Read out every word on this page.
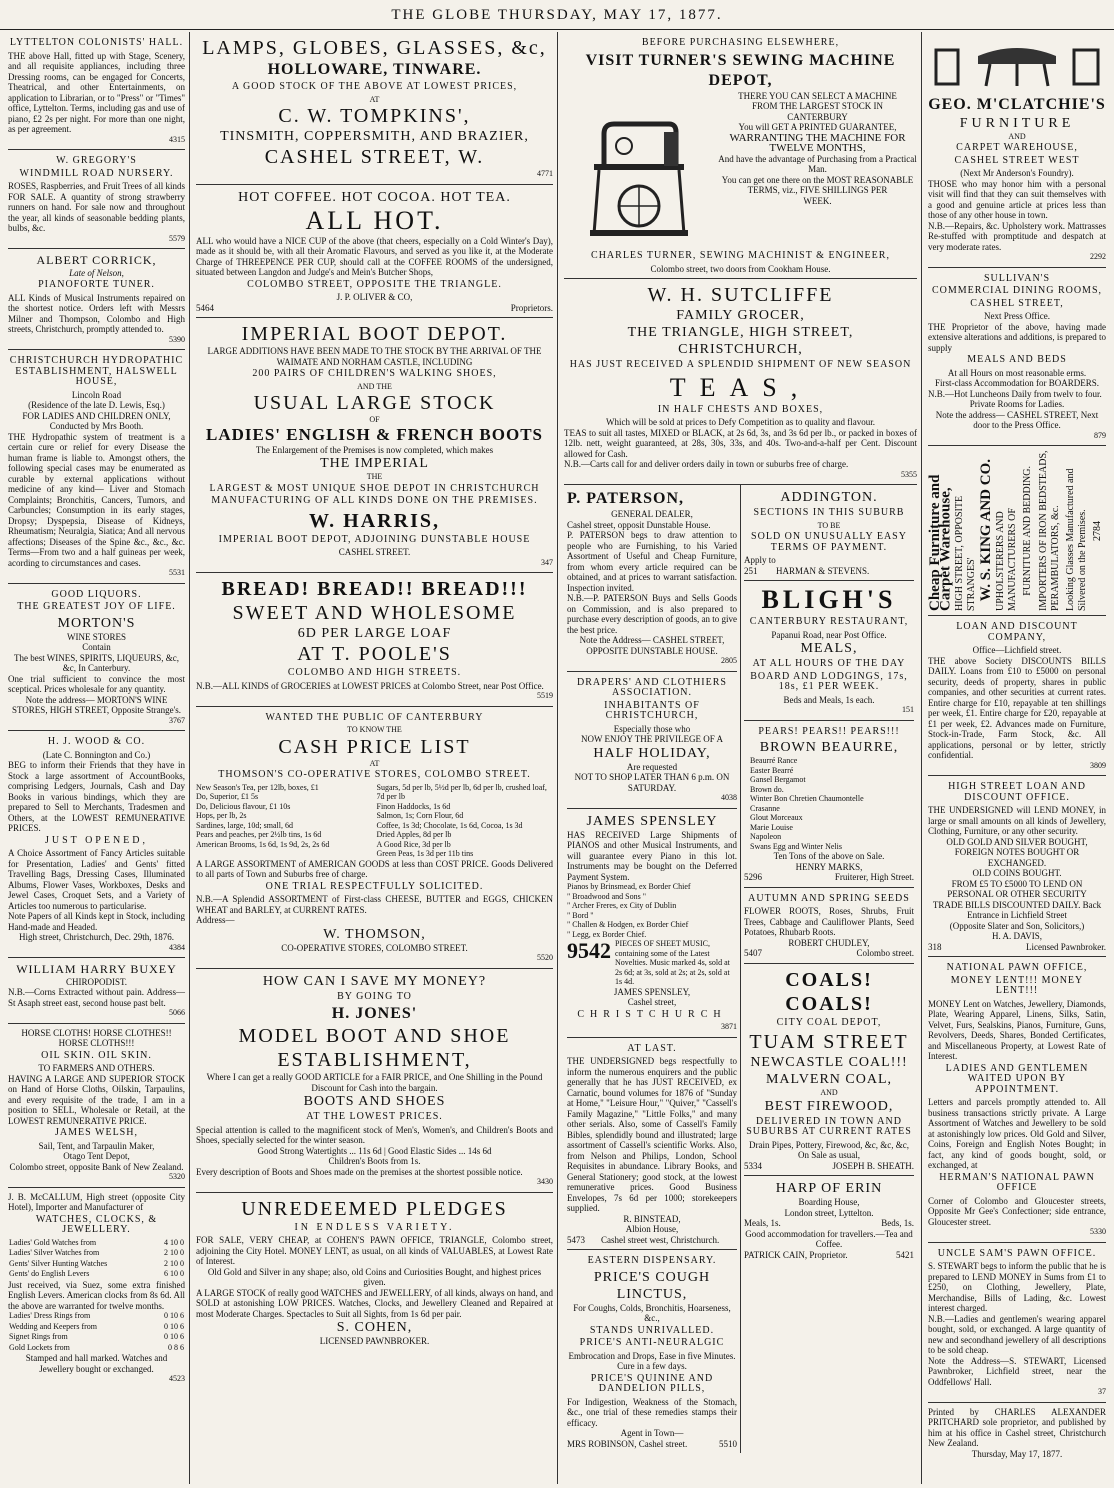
THE GLOBE THURSDAY, MAY 17, 1877.
LYTTELTON COLONISTS' HALL.
THE above Hall, fitted up with Stage, Scenery, and all requisite appliances, including three Dressing rooms, can be engaged for Concerts, Theatrical, and other Entertainments, on application to Librarian, or to "Press" or "Times" office, Lyttelton. Terms, including gas and use of piano, £2 2s per night. For more than one night, as per agreement.
4315
W. GREGORY'S
WINDMILL ROAD NURSERY.
ROSES, Raspberries, and Fruit Trees of all kinds FOR SALE. A quantity of strong strawberry runners on hand. For sale now and throughout the year, all kinds of seasonable bedding plants, bulbs, &c.
5579
ALBERT CORRICK,
Late of Nelson,
PIANOFORTE TUNER.
ALL Kinds of Musical Instruments repaired on the shortest notice. Orders left with Messrs Milner and Thompson, Colombo and High streets, Christchurch, promptly attended to.
5390
CHRISTCHURCH HYDROPATHIC ESTABLISHMENT, HALSWELL HOUSE,
Lincoln Road
(Residence of the late D. Lewis, Esq.)
FOR LADIES AND CHILDREN ONLY,
Conducted by Mrs Booth.
THE Hydropathic system of treatment is a certain cure or relief for every Disease the human frame is liable to. Amongst others, the following special cases may be enumerated as curable by external applications without medicine of any kind— Liver and Stomach Complaints; Bronchitis, Cancers, Tumors, and Carbuncles; Consumption in its early stages, Dropsy; Dyspepsia, Disease of Kidneys, Rheumatism; Neuralgia, Siatica; And all nervous affections; Diseases of the Spine &c., &c., &c. Terms—From two and a half guineas per week, acording to circumstances and cases.
5531
GOOD LIQUORS.
THE GREATEST JOY OF LIFE.
MORTON'S
WINE STORES
Contain
The best WINES, SPIRITS, LIQUEURS, &c, &c, In Canterbury.
One trial sufficient to convince the most sceptical. Prices wholesale for any quantity.
Note the address— MORTON'S WINE STORES, HIGH STREET, Opposite Strange's.
3767
H. J. WOOD & CO.
(Late C. Bonnington and Co.)
BEG to inform their Friends that they have in Stock a large assortment of AccountBooks, comprising Ledgers, Journals, Cash and Day Books in various bindings, which they are prepared to Sell to Merchants, Tradesmen and Others, at the LOWEST REMUNERATIVE PRICES.
JUST OPENED,
A Choice Assortment of Fancy Articles suitable for Presentation, Ladies' and Gents' fitted Travelling Bags, Dressing Cases, Illuminated Albums, Flower Vases, Workboxes, Desks and Jewel Cases, Croquet Sets, and a Variety of Articles too numerous to particularise.
Note Papers of all Kinds kept in Stock, including Hand-made and Headed.
High street, Christchurch, Dec. 29th, 1876.
4384
WILLIAM HARRY BUXEY
CHIROPODIST.
N.B.—Corns Extracted without pain. Address—St Asaph street east, second house past belt.
5066
HORSE CLOTHS! HORSE CLOTHES!! HORSE CLOTHS!!!
OIL SKIN. OIL SKIN.
TO FARMERS AND OTHERS.
HAVING A LARGE AND SUPERIOR STOCK on Hand of Horse Cloths, Oilskin, Tarpaulins, and every requisite of the trade, I am in a position to SELL, Wholesale or Retail, at the LOWEST REMUNERATIVE PRICE.
JAMES WELSH,
Sail, Tent, and Tarpaulin Maker,
Otago Tent Depot,
Colombo street, opposite Bank of New Zealand.
5320
J. B. McCALLUM, High street (opposite City Hotel), Importer and Manufacturer of
WATCHES, CLOCKS, & JEWELLERY.
Ladies' Gold Watches from	4 10 0
Ladies' Silver Watches from	2 10 0
Gents' Silver Hunting Watches	2 10 0
Gents' do English Levers	6 10 0
Just received, via Suez, some extra finished English Levers. American clocks from 8s 6d. All the above are warranted for twelve months.
Ladies' Dress Rings from	0 10 6
Wedding and Keepers from	0 10 6
Signet Rings from	0 10 6
Gold Lockets from	0 8 6
Stamped and hall marked. Watches and Jewellery bought or exchanged.
4523
LAMPS, GLOBES, GLASSES, &c,
HOLLOWARE, TINWARE.
A GOOD STOCK OF THE ABOVE AT LOWEST PRICES,
AT
C. W. TOMPKINS',
TINSMITH, COPPERSMITH, AND BRAZIER,
CASHEL STREET, W.
4771
HOT COFFEE. HOT COCOA. HOT TEA.
ALL HOT.
ALL who would have a NICE CUP of the above (that cheers, especially on a Cold Winter's Day), made as it should be, with all their Aromatic Flavours, and served as you like it, at the Moderate Charge of THREEPENCE PER CUP, should call at the COFFEE ROOMS of the undersigned, situated between Langdon and Judge's and Mein's Butcher Shops,
COLOMBO STREET, OPPOSITE THE TRIANGLE.
J. P. OLIVER & CO,
5464	Proprietors.
IMPERIAL BOOT DEPOT.
LARGE ADDITIONS HAVE BEEN MADE TO THE STOCK BY THE ARRIVAL OF THE WAIMATE AND NORHAM CASTLE, INCLUDING
200 PAIRS OF CHILDREN'S WALKING SHOES,
AND THE
USUAL LARGE STOCK
OF
LADIES' ENGLISH & FRENCH BOOTS
The Enlargement of the Premises is now completed, which makes
THE IMPERIAL
THE
LARGEST & MOST UNIQUE SHOE DEPOT IN CHRISTCHURCH
MANUFACTURING OF ALL KINDS DONE ON THE PREMISES.
W. HARRIS,
IMPERIAL BOOT DEPOT, ADJOINING DUNSTABLE HOUSE
CASHEL STREET.
347
BREAD! BREAD!! BREAD!!!
SWEET AND WHOLESOME
6D PER LARGE LOAF
AT T. POOLE'S
COLOMBO AND HIGH STREETS.
N.B.—ALL KINDS of GROCERIES at LOWEST PRICES at Colombo Street, near Post Office.
5519
WANTED THE PUBLIC OF CANTERBURY
TO KNOW THE
CASH PRICE LIST
AT
THOMSON'S CO-OPERATIVE STORES, COLOMBO STREET.
New Season's Tea, per 12lb, boxes, £1
Do, Superior, £1 5s
Do, Delicious flavour, £1 10s
Hops, per lb, 2s
Sardines, large, 10d; small, 6d
Pears and peaches, per 2½lb tins, 1s 6d
American Brooms, 1s 6d, 1s 9d, 2s, 2s 6d
Sugars, 5d per lb, 5½d per lb, 6d per lb, crushed loaf, 7d per lb
Finon Haddocks, 1s 6d
Salmon, 1s; Corn Flour, 6d
Coffee, 1s 3d; Chocolate, 1s 6d, Cocoa, 1s 3d
Dried Apples, 8d per lb
A Good Rice, 3d per lb
Green Peas, 1s 3d per 11b tins
A LARGE ASSORTMENT of AMERICAN GOODS at less than COST PRICE. Goods Delivered to all parts of Town and Suburbs free of charge.
ONE TRIAL RESPECTFULLY SOLICITED.
N.B.—A Splendid ASSORTMENT of First-class CHEESE, BUTTER and EGGS, CHICKEN WHEAT and BARLEY, at CURRENT RATES.
Address—
W. THOMSON,
CO-OPERATIVE STORES, COLOMBO STREET.
5520
HOW CAN I SAVE MY MONEY?
BY GOING TO
H. JONES'
MODEL BOOT AND SHOE ESTABLISHMENT,
Where I can get a really GOOD ARTICLE for a FAIR PRICE, and One Shilling in the Pound Discount for Cash into the bargain.
BOOTS AND SHOES
AT THE LOWEST PRICES.
Special attention is called to the magnificent stock of Men's, Women's, and Children's Boots and Shoes, specially selected for the winter season.
Good Strong Watertights ... 11s 6d | Good Elastic Sides ... 14s 6d
Children's Boots from 1s.
Every description of Boots and Shoes made on the premises at the shortest possible notice.
3430
UNREDEEMED PLEDGES
IN ENDLESS VARIETY.
FOR SALE, VERY CHEAP, at COHEN'S PAWN OFFICE, TRIANGLE, Colombo street, adjoining the City Hotel. MONEY LENT, as usual, on all kinds of VALUABLES, at Lowest Rate of Interest.
Old Gold and Silver in any shape; also, old Coins and Curiosities Bought, and highest prices given.
A LARGE STOCK of really good WATCHES and JEWELLERY, of all kinds, always on hand, and SOLD at astonishing LOW PRICES. Watches, Clocks, and Jewellery Cleaned and Repaired at most Moderate Charges. Spectacles to Suit all Sights, from 1s 6d per pair.
S. COHEN,
LICENSED PAWNBROKER.
BEFORE PURCHASING ELSEWHERE,
VISIT TURNER'S SEWING MACHINE DEPOT,
THERE YOU CAN SELECT A MACHINE
FROM THE LARGEST STOCK IN
CANTERBURY
You will GET A PRINTED GUARANTEE,
WARRANTING THE MACHINE FOR
TWELVE MONTHS,
And have the advantage of Purchasing from a Practical Man.
You can get one there on the MOST REASONABLE
TERMS, viz., FIVE SHILLINGS PER
WEEK.
CHARLES TURNER, SEWING MACHINIST & ENGINEER,
Colombo street, two doors from Cookham House.
W. H. SUTCLIFFE
FAMILY GROCER,
THE TRIANGLE, HIGH STREET, CHRISTCHURCH,
HAS JUST RECEIVED A SPLENDID SHIPMENT OF NEW SEASON
TEAS,
IN HALF CHESTS AND BOXES,
Which will be sold at prices to Defy Competition as to quality and flavour.
TEAS to suit all tastes, MIXED or BLACK, at 2s 6d, 3s, and 3s 6d per lb., or packed in boxes of 12lb. nett, weight guaranteed, at 28s, 30s, 33s, and 40s. Two-and-a-half per Cent. Discount allowed for Cash.
N.B.—Carts call for and deliver orders daily in town or suburbs free of charge.
5355
P. PATERSON,
GENERAL DEALER,
Cashel street, opposit Dunstable House.
P. PATERSON begs to draw attention to people who are Furnishing, to his Varied Assortment of Useful and Cheap Furniture, from whom every article required can be obtained, and at prices to warrant satisfaction. Inspection invited.
N.B.—P. PATERSON Buys and Sells Goods on Commission, and is also prepared to purchase every description of goods, an to give the best price.
Note the Address— CASHEL STREET, OPPOSITE DUNSTABLE HOUSE.
2805
DRAPERS' AND CLOTHIERS ASSOCIATION.
INHABITANTS OF CHRISTCHURCH,
Especially those who
NOW ENJOY THE PRIVILEGE OF A
HALF HOLIDAY,
Are requested
NOT TO SHOP LATER THAN 6 p.m. ON SATURDAY.
4038
JAMES SPENSLEY
HAS RECEIVED Large Shipments of PIANOS and other Musical Instruments, and will guarantee every Piano in this lot. Instruments may be bought on the Deferred Payment System.
Pianos by Brinsmead, ex Border Chief
" Broadwood and Sons "
" Archer Freres, ex City of Dublin
" Bord "
" Challen & Hodgen, ex Border Chief
" Legg, ex Border Chief.
9542 PIECES OF SHEET MUSIC, containing some of the Latest Novelties. Music marked 4s, sold at 2s 6d; at 3s, sold at 2s; at 2s, sold at 1s 4d.
JAMES SPENSLEY,
Cashel street,
CHRISTCHURCH
3871
AT LAST.
THE UNDERSIGNED begs respectfully to inform the numerous enquirers and the public generally that he has JUST RECEIVED, ex Carnatic, bound volumes for 1876 of "Sunday at Home," "Leisure Hour," "Quiver," "Cassell's Family Magazine," "Little Folks," and many other serials. Also, some of Cassell's Family Bibles, splendidly bound and illustrated; large assortment of Cassell's scientific Works. Also, from Nelson and Philips, London, School Requisites in abundance. Library Books, and General Stationery; good stock, at the lowest remunerative prices. Good Business Envelopes, 7s 6d per 1000; storekeepers supplied.
R. BINSTEAD,
Albion House,
5473	Cashel street west, Christchurch.
EASTERN DISPENSARY.
PRICE'S COUGH LINCTUS,
For Coughs, Colds, Bronchitis, Hoarseness, &c.,
STANDS UNRIVALLED.
PRICE'S ANTI-NEURALGIC
Embrocation and Drops, Ease in five Minutes. Cure in a few days.
PRICE'S QUININE AND DANDELION PILLS,
For Indigestion, Weakness of the Stomach, &c., one trial of these remedies stamps their efficacy.
Agent in Town—
MRS ROBINSON, Cashel street.	5510
ADDINGTON.
SECTIONS IN THIS SUBURB
TO BE
SOLD ON UNUSUALLY EASY TERMS OF PAYMENT.
Apply to
251	HARMAN & STEVENS.
BLIGH'S
CANTERBURY RESTAURANT,
Papanui Road, near Post Office.
MEALS,
AT ALL HOURS OF THE DAY
BOARD AND LODGINGS, 17s, 18s, £1 PER WEEK.
Beds and Meals, 1s each.
151
PEARS! PEARS!! PEARS!!!
BROWN BEAURRE,
Beaurré Rance
Easter Bearré
Gansel Bergamot
Brown do.
Winter Bon Chretien Chaumontelle
Crasanne
Glout Morceaux
Marie Louise
Napoleon
Swans Egg and Winter Nelis
Ten Tons of the above on Sale.
HENRY MARKS,
5296	Fruiterer, High Street.
AUTUMN AND SPRING SEEDS
FLOWER ROOTS, Roses, Shrubs, Fruit Trees, Cabbage and Cauliflower Plants, Seed Potatoes, Rhubarb Roots.
ROBERT CHUDLEY,
5407	Colombo street.
COALS! COALS!
CITY COAL DEPOT,
TUAM STREET
NEWCASTLE COAL!!!
MALVERN COAL,
AND
BEST FIREWOOD,
DELIVERED IN TOWN AND SUBURBS AT CURRENT RATES
Drain Pipes, Pottery, Firewood, &c, &c, &c, On Sale as usual,
5334	JOSEPH B. SHEATH.
HARP OF ERIN
Boarding House,
London street, Lyttelton.
Meals, 1s.	Beds, 1s.
Good accommodation for travellers.—Tea and Coffee.
PATRICK CAIN, Proprietor.	5421
GEO. M'CLATCHIE'S
FURNITURE
AND
CARPET WAREHOUSE,
CASHEL STREET WEST
(Next Mr Anderson's Foundry).
THOSE who may honor him with a personal visit will find that they can suit themselves with a good and genuine article at prices less than those of any other house in town.
N.B.—Repairs, &c. Upholstery work. Mattrasses Re-stuffed with promptitude and despatch at very moderate rates.
2292
SULLIVAN'S
COMMERCIAL DINING ROOMS,
CASHEL STREET,
Next Press Office.
THE Proprietor of the above, having made extensive alterations and additions, is prepared to supply
MEALS AND BEDS
At all Hours on most reasonable erms.
First-class Accommodation for BOARDERS.
N.B.—Hot Luncheons Daily from twelv to four.
Private Rooms for Ladies.
Note the address— CASHEL STREET, Next door to the Press Office.
879
Cheap Furniture and Carpet Warehouse, HIGH STREET, OPPOSITE STRANGES' W. S. KING AND CO. UPHOLSTERERS AND MANUFACTURERS OF FURNITURE AND BEDDING. IMPORTERS OF IRON BEDSTEADS, PERAMBULATORS, &c. Looking Glasses Manufactured and Silvered on the Premises. 2784
LOAN AND DISCOUNT COMPANY,
Office—Lichfield street.
THE above Society DISCOUNTS BILLS DAILY. Loans from £10 to £5000 on personal security, deeds of property, shares in public companies, and other securities at current rates. Entire charge for £10, repayable at ten shillings per week, £1. Entire charge for £20, repayable at £1 per week, £2. Advances made on Furniture, Stock-in-Trade, Farm Stock, &c. All applications, personal or by letter, strictly confidential.
3809
HIGH STREET LOAN AND DISCOUNT OFFICE.
THE UNDERSIGNED will LEND MONEY, in large or small amounts on all kinds of Jewellery, Clothing, Furniture, or any other security.
OLD GOLD AND SILVER BOUGHT, FOREIGN NOTES BOUGHT OR EXCHANGED.
OLD COINS BOUGHT.
FROM £5 TO £5000 TO LEND ON PERSONAL OR OTHER SECURITY
TRADE BILLS DISCOUNTED DAILY. Back Entrance in Lichfield Street
(Opposite Slater and Son, Solicitors,)
H. A. DAVIS,
318	Licensed Pawnbroker.
NATIONAL PAWN OFFICE,
MONEY LENT!!! MONEY LENT!!!
MONEY Lent on Watches, Jewellery, Diamonds, Plate, Wearing Apparel, Linens, Silks, Satin, Velvet, Furs, Sealskins, Pianos, Furniture, Guns, Revolvers, Deeds, Shares, Bonded Certificates, and Miscellaneous Property, at Lowest Rate of Interest.
LADIES AND GENTLEMEN WAITED UPON BY APPOINTMENT.
Letters and parcels promptly attended to. All business transactions strictly private. A Large Assortment of Watches and Jewellery to be sold at astonishingly low prices. Old Gold and Silver, Coins, Foreign and English Notes Bought; in fact, any kind of goods bought, sold, or exchanged, at
HERMAN'S NATIONAL PAWN OFFICE
Corner of Colombo and Gloucester streets, Opposite Mr Gee's Confectioner; side entrance, Gloucester street.
5330
UNCLE SAM'S PAWN OFFICE.
S. STEWART begs to inform the public that he is prepared to LEND MONEY in Sums from £1 to £250, on Clothing, Jewellery, Plate, Merchandise, Bills of Lading, &c. Lowest interest charged.
N.B.—Ladies and gentlemen's wearing apparel bought, sold, or exchanged. A large quantity of new and secondhand jewellery of all descriptions to be sold cheap.
Note the Address—S. STEWART, Licensed Pawnbroker, Lichfield street, near the Oddfellows' Hall.
37
Printed by CHARLES ALEXANDER PRITCHARD sole proprietor, and published by him at his office in Cashel street, Christchurch New Zealand.
Thursday, May 17, 1877.
